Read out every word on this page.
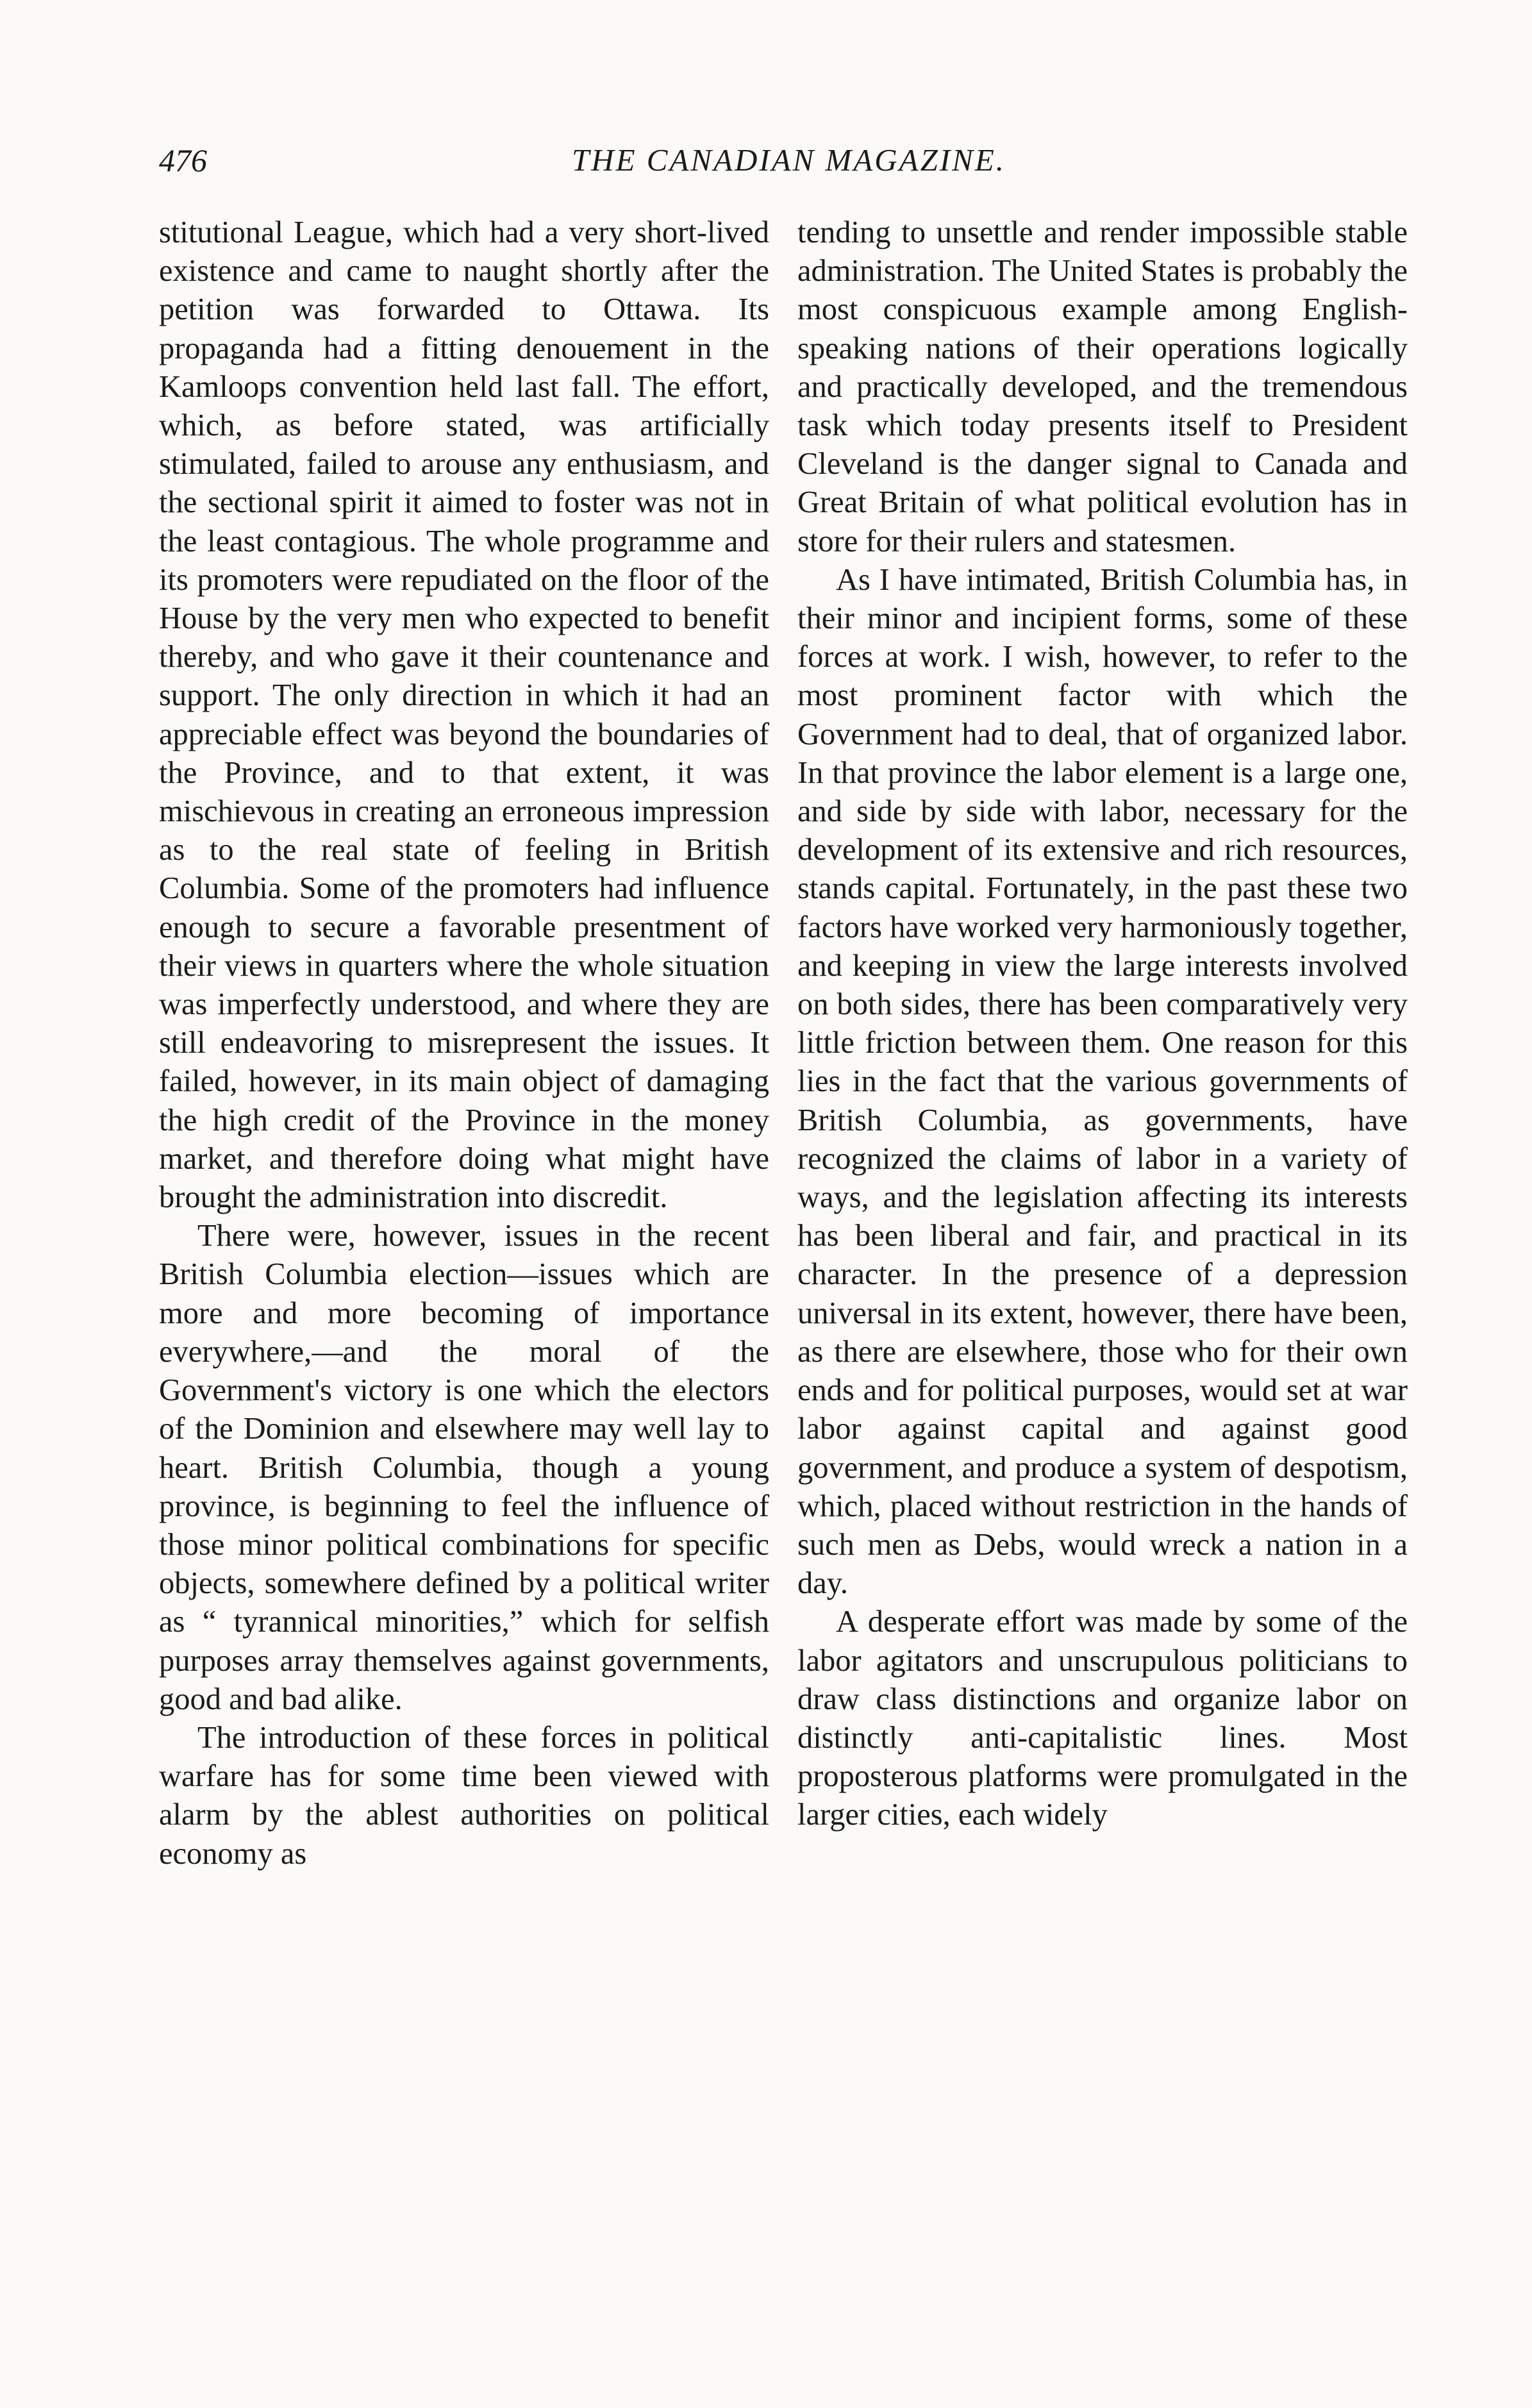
476	THE CANADIAN MAGAZINE.

stitutional League, which had a very short-lived existence and came to naught shortly after the petition was forwarded to Ottawa. Its propaganda had a fitting denouement in the Kamloops convention held last fall. The effort, which, as before stated, was artificially stimulated, failed to arouse any enthusiasm, and the sectional spirit it aimed to foster was not in the least contagious. The whole programme and its promoters were repudiated on the floor of the House by the very men who expected to benefit thereby, and who gave it their countenance and support. The only direction in which it had an appreciable effect was beyond the boundaries of the Province, and to that extent, it was mischievous in creating an erroneous impression as to the real state of feeling in British Columbia. Some of the promoters had influence enough to secure a favorable presentment of their views in quarters where the whole situation was imperfectly understood, and where they are still endeavoring to misrepresent the issues. It failed, however, in its main object of damaging the high credit of the Province in the money market, and therefore doing what might have brought the administration into discredit.

There were, however, issues in the recent British Columbia election—issues which are more and more becoming of importance everywhere,—and the moral of the Government's victory is one which the electors of the Dominion and elsewhere may well lay to heart. British Columbia, though a young province, is beginning to feel the influence of those minor political combinations for specific objects, somewhere defined by a political writer as “ tyrannical minorities,” which for selfish purposes array themselves against governments, good and bad alike.

The introduction of these forces in political warfare has for some time been viewed with alarm by the ablest authorities on political economy as

tending to unsettle and render impossible stable administration. The United States is probably the most conspicuous example among English-speaking nations of their operations logically and practically developed, and the tremendous task which today presents itself to President Cleveland is the danger signal to Canada and Great Britain of what political evolution has in store for their rulers and statesmen.

As I have intimated, British Columbia has, in their minor and incipient forms, some of these forces at work. I wish, however, to refer to the most prominent factor with which the Government had to deal, that of organized labor. In that province the labor element is a large one, and side by side with labor, necessary for the development of its extensive and rich resources, stands capital. Fortunately, in the past these two factors have worked very harmoniously together, and keeping in view the large interests involved on both sides, there has been comparatively very little friction between them. One reason for this lies in the fact that the various governments of British Columbia, as governments, have recognized the claims of labor in a variety of ways, and the legislation affecting its interests has been liberal and fair, and practical in its character. In the presence of a depression universal in its extent, however, there have been, as there are elsewhere, those who for their own ends and for political purposes, would set at war labor against capital and against good government, and produce a system of despotism, which, placed without restriction in the hands of such men as Debs, would wreck a nation in a day.

A desperate effort was made by some of the labor agitators and unscrupulous politicians to draw class distinctions and organize labor on distinctly anti-capitalistic lines. Most proposterous platforms were promulgated in the larger cities, each widely
